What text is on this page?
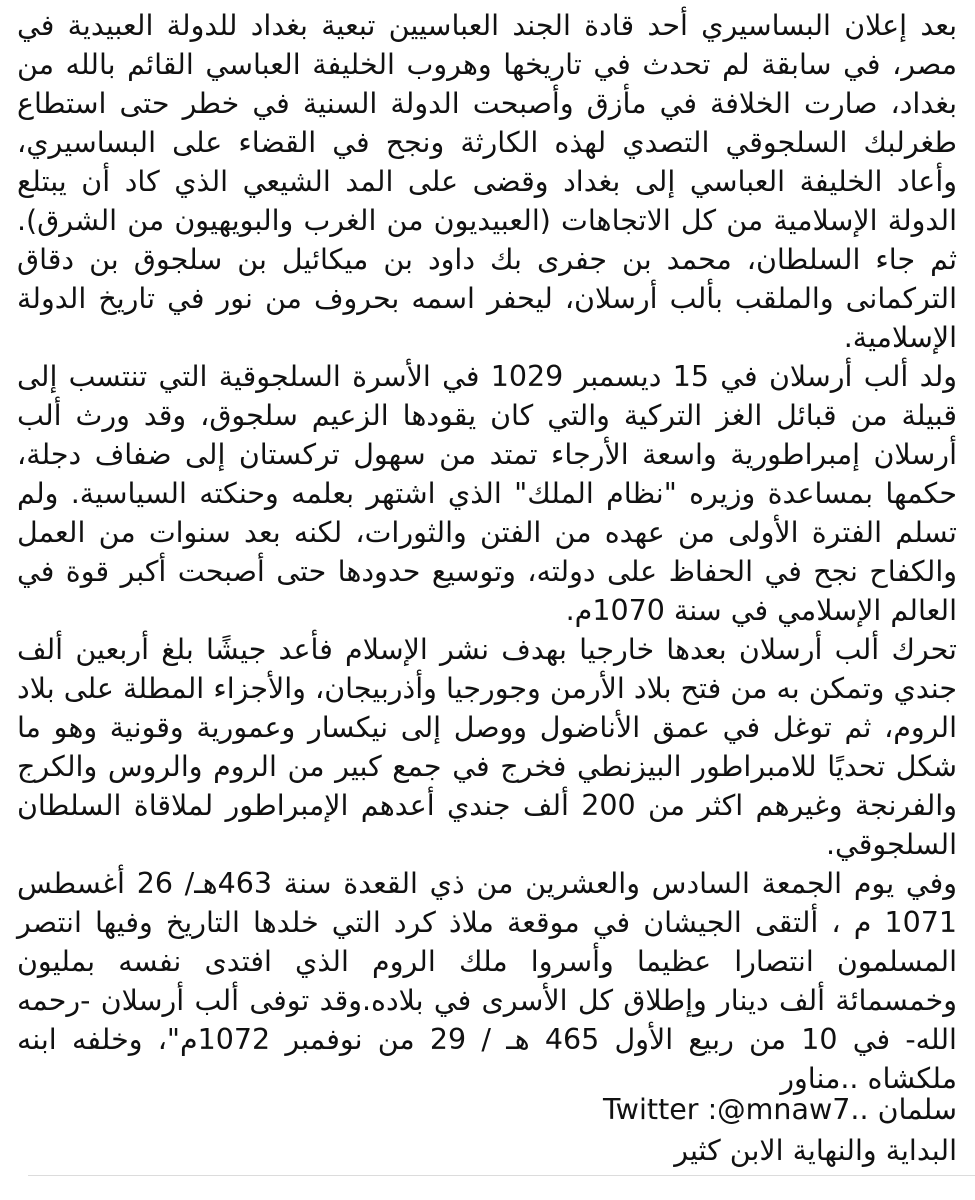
بعد إعلان البساسيري أحد قادة الجند العباسيين تبعية بغداد للدولة العبيدية في مصر، في سابقة لم تحدث في تاريخها وهروب الخليفة العباسي القائم بالله من بغداد، صارت الخلافة في مأزق وأصبحت الدولة السنية في خطر حتى استطاع طغرلبك السلجوقي التصدي لهذه الكارثة ونجح في القضاء على البساسيري، وأعاد الخليفة العباسي إلى بغداد وقضى على المد الشيعي الذي كاد أن يبتلع الدولة الإسلامية من كل الاتجاهات (العبيديون من الغرب والبويهيون من الشرق). ثم جاء السلطان، محمد بن جفرى بك داود بن ميكائيل بن سلجوق بن دقاق التركمانى والملقب بألب أرسلان، ليحفر اسمه بحروف من نور في تاريخ الدولة الإسلامية.

ولد ألب أرسلان في 15 ديسمبر 1029 في الأسرة السلجوقية التي تنتسب إلى قبيلة من قبائل الغز التركية والتي كان يقودها الزعيم سلجوق، وقد ورث ألب أرسلان إمبراطورية واسعة الأرجاء تمتد من سهول تركستان إلى ضفاف دجلة، حكمها بمساعدة وزيره "نظام الملك" الذي اشتهر بعلمه وحنكته السياسية. ولم تسلم الفترة الأولى من عهده من الفتن والثورات، لكنه بعد سنوات من العمل والكفاح نجح في الحفاظ على دولته، وتوسيع حدودها حتى أصبحت أكبر قوة في العالم الإسلامي في سنة 1070م.

تحرك ألب أرسلان بعدها خارجيا بهدف نشر الإسلام فأعد جيشًا بلغ أربعين ألف جندي وتمكن به من فتح بلاد الأرمن وجورجيا وأذربيجان، والأجزاء المطلة على بلاد الروم، ثم توغل في عمق الأناضول ووصل إلى نيكسار وعمورية وقونية وهو ما شكل تحديًا للامبراطور البيزنطي فخرج في جمع كبير من الروم والروس والكرج والفرنجة وغيرهم اكثر من 200 ألف جندي أعدهم الإمبراطور لملاقاة السلطان السلجوقي.

وفي يوم الجمعة السادس والعشرين من ذي القعدة سنة 463هـ/ 26 أغسطس 1071 م ، ألتقى الجيشان في موقعة ملاذ كرد التي خلدها التاريخ وفيها انتصر المسلمون انتصارا عظيما وأسروا ملك الروم الذي افتدى نفسه بمليون وخمسمائة ألف دينار وإطلاق كل الأسرى في بلاده.وقد توفى ألب أرسلان -رحمه الله- في 10 من ربيع الأول 465 هـ / 29 من نوفمبر 1072م"، وخلفه ابنه ملكشاه ..مناور

سلمان ..Twitter :@mnaw7
البداية والنهاية الابن كثير
